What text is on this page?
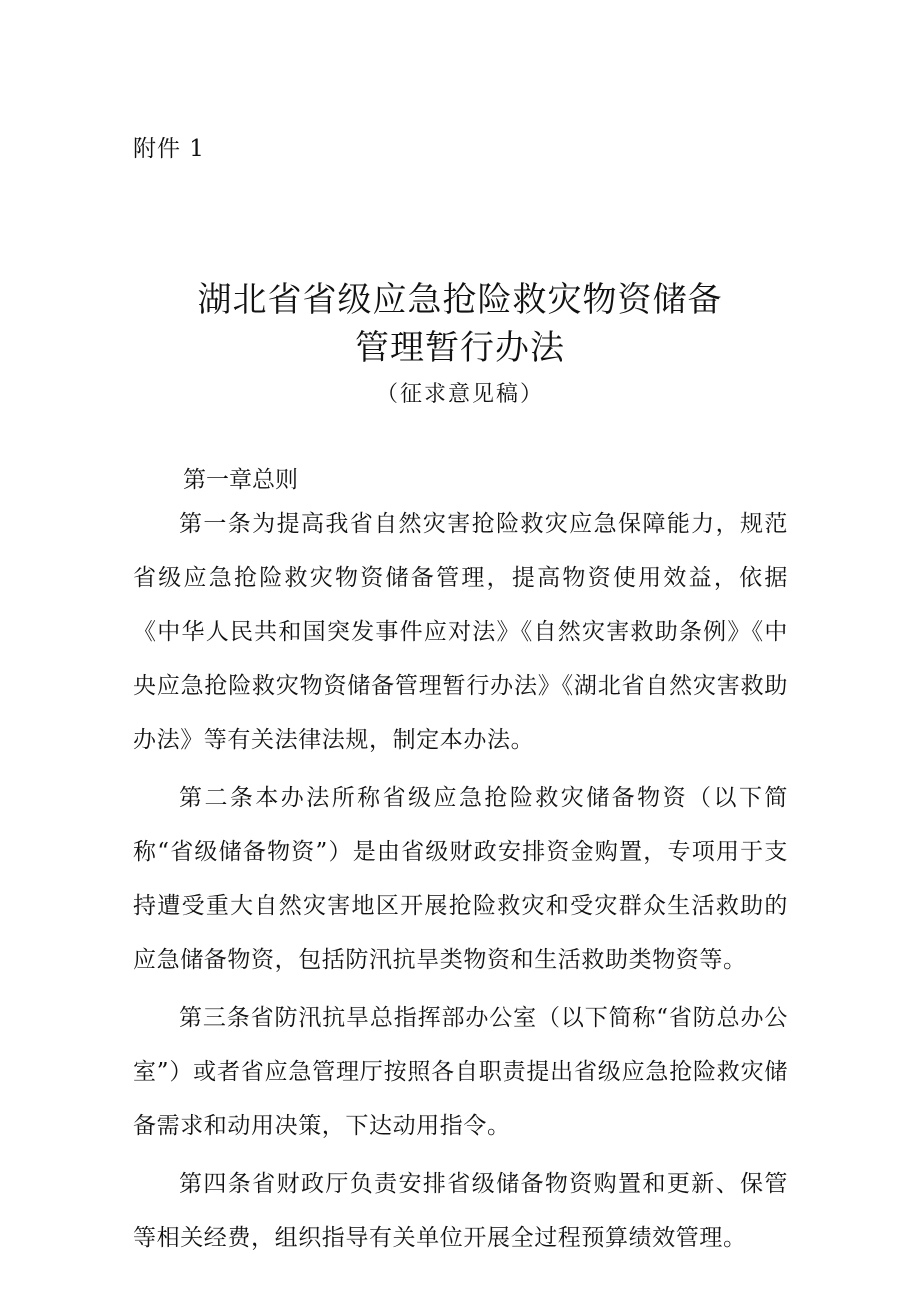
附件 1
湖北省省级应急抢险救灾物资储备
管理暂行办法
（征求意见稿）
第一章总则

第一条为提高我省自然灾害抢险救灾应急保障能力，规范省级应急抢险救灾物资储备管理，提高物资使用效益，依据《中华人民共和国突发事件应对法》《自然灾害救助条例》《中央应急抢险救灾物资储备管理暂行办法》《湖北省自然灾害救助办法》等有关法律法规，制定本办法。

第二条本办法所称省级应急抢险救灾储备物资（以下简称“省级储备物资”）是由省级财政安排资金购置，专项用于支持遭受重大自然灾害地区开展抢险救灾和受灾群众生活救助的应急储备物资，包括防汛抗旱类物资和生活救助类物资等。

第三条省防汛抗旱总指挥部办公室（以下简称“省防总办公室”）或者省应急管理厅按照各自职责提出省级应急抢险救灾储备需求和动用决策，下达动用指令。

第四条省财政厅负责安排省级储备物资购置和更新、保管等相关经费，组织指导有关单位开展全过程预算绩效管理。
